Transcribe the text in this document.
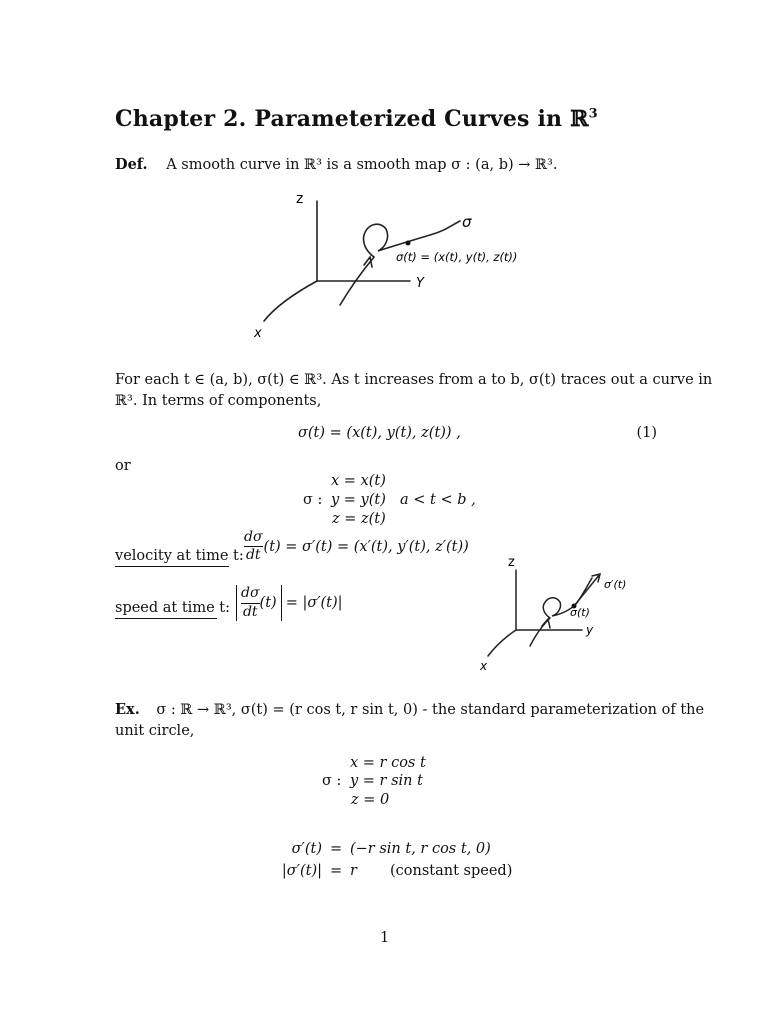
Chapter 2. Parameterized Curves in ℝ$^3$
Def. A smooth curve in ℝ³ is a smooth map σ : (a, b) → ℝ³.
z
Y
x
σ
σ(t) = (x(t), y(t), z(t))
For each t ∈ (a, b), σ(t) ∈ ℝ³. As t increases from a to b, σ(t) traces out a curve in
ℝ³. In terms of components,
σ(t) = (x(t), y(t), z(t)) ,	(1)
or
σ :
x = x(t)
y = y(t)
z = z(t)
a < t < b ,
velocity at time t: $\frac{d\sigma}{dt} (t) = \sigma'(t) = (x'(t)$, y′(t), z′(t))
speed at time t: $\frac{d\sigma}{dt} (t) = |\sigma'(t)|$
z
y
x
σ′(t)
σ(t)
Ex. σ : ℝ → ℝ³, σ(t) = (r cos t, r sin t, 0) - the standard parameterization of the
unit circle,
σ :
x = r cos t
y = r sin t
z = 0
σ′(t) = (−r sin t, r cos t, 0)
|σ′(t)| = r (constant speed)
1
